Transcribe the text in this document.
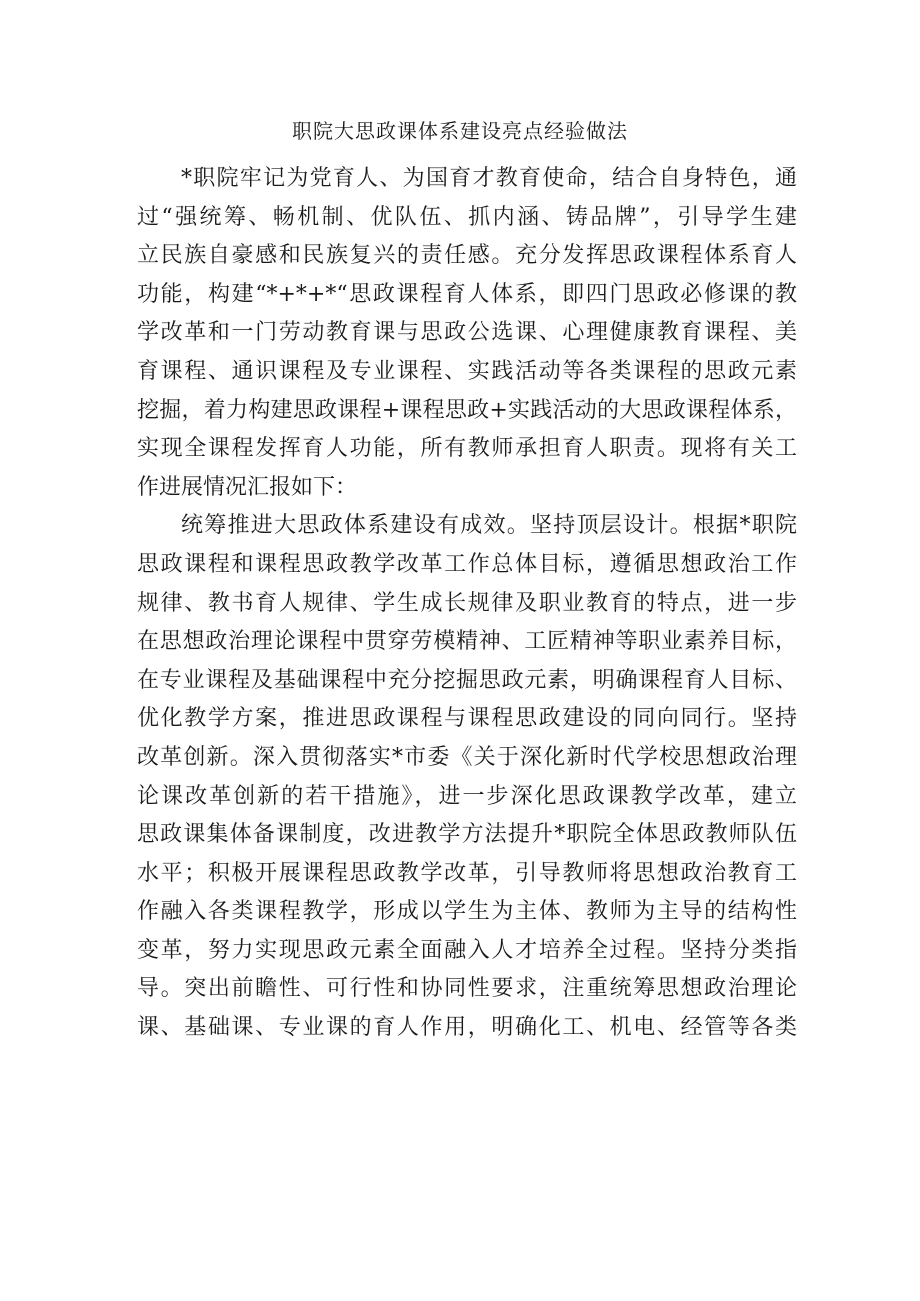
职院大思政课体系建设亮点经验做法
*职院牢记为党育人、为国育才教育使命，结合自身特色，通
过“强统筹、畅机制、优队伍、抓内涵、铸品牌”，引导学生建
立民族自豪感和民族复兴的责任感。充分发挥思政课程体系育人
功能，构建“*+*+*“思政课程育人体系，即四门思政必修课的教
学改革和一门劳动教育课与思政公选课、心理健康教育课程、美
育课程、通识课程及专业课程、实践活动等各类课程的思政元素
挖掘，着力构建思政课程+课程思政+实践活动的大思政课程体系，
实现全课程发挥育人功能，所有教师承担育人职责。现将有关工
作进展情况汇报如下：
统筹推进大思政体系建设有成效。坚持顶层设计。根据*职院
思政课程和课程思政教学改革工作总体目标，遵循思想政治工作
规律、教书育人规律、学生成长规律及职业教育的特点，进一步
在思想政治理论课程中贯穿劳模精神、工匠精神等职业素养目标，
在专业课程及基础课程中充分挖掘思政元素，明确课程育人目标、
优化教学方案，推进思政课程与课程思政建设的同向同行。坚持
改革创新。深入贯彻落实*市委《关于深化新时代学校思想政治理
论课改革创新的若干措施》，进一步深化思政课教学改革，建立
思政课集体备课制度，改进教学方法提升*职院全体思政教师队伍
水平；积极开展课程思政教学改革，引导教师将思想政治教育工
作融入各类课程教学，形成以学生为主体、教师为主导的结构性
变革，努力实现思政元素全面融入人才培养全过程。坚持分类指
导。突出前瞻性、可行性和协同性要求，注重统筹思想政治理论
课、基础课、专业课的育人作用，明确化工、机电、经管等各类
